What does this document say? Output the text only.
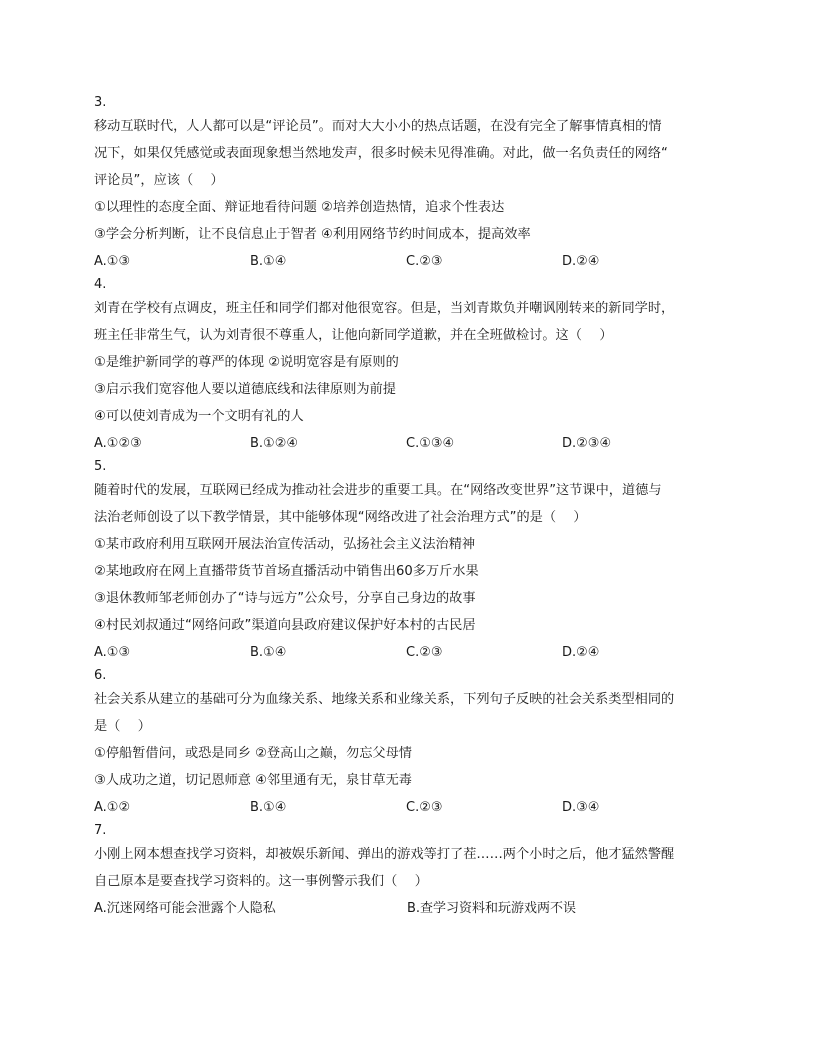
3.
移动互联时代，人人都可以是“评论员”。而对大大小小的热点话题，在没有完全了解事情真相的情
况下，如果仅凭感觉或表面现象想当然地发声，很多时候未见得准确。对此，做一名负责任的网络“
评论员”，应该（　 ）
①以理性的态度全面、辩证地看待问题 ②培养创造热情，追求个性表达
③学会分析判断，让不良信息止于智者 ④利用网络节约时间成本，提高效率
A.①③	B.①④	C.②③	D.②④
4.
刘青在学校有点调皮，班主任和同学们都对他很宽容。但是，当刘青欺负并嘲讽刚转来的新同学时，
班主任非常生气，认为刘青很不尊重人，让他向新同学道歉，并在全班做检讨。这（　 ）
①是维护新同学的尊严的体现 ②说明宽容是有原则的
③启示我们宽容他人要以道德底线和法律原则为前提
④可以使刘青成为一个文明有礼的人
A.①②③	B.①②④	C.①③④	D.②③④
5.
随着时代的发展，互联网已经成为推动社会进步的重要工具。在“网络改变世界”这节课中，道德与
法治老师创设了以下教学情景，其中能够体现“网络改进了社会治理方式”的是（　 ）
①某市政府利用互联网开展法治宣传活动，弘扬社会主义法治精神
②某地政府在网上直播带货节首场直播活动中销售出60多万斤水果
③退休教师邹老师创办了“诗与远方”公众号，分享自己身边的故事
④村民刘叔通过“网络问政”渠道向县政府建议保护好本村的古民居
A.①③	B.①④	C.②③	D.②④
6.
社会关系从建立的基础可分为血缘关系、地缘关系和业缘关系，下列句子反映的社会关系类型相同的
是（　 ）
①停船暂借问，或恐是同乡 ②登高山之巅，勿忘父母情
③人成功之道，切记恩师意 ④邻里通有无，泉甘草无毒
A.①②	B.①④	C.②③	D.③④
7.
小刚上网本想查找学习资料，却被娱乐新闻、弹出的游戏等打了茬……两个小时之后，他才猛然警醒
自己原本是要查找学习资料的。这一事例警示我们（　 ）
A.沉迷网络可能会泄露个人隐私	B.查学习资料和玩游戏两不误
